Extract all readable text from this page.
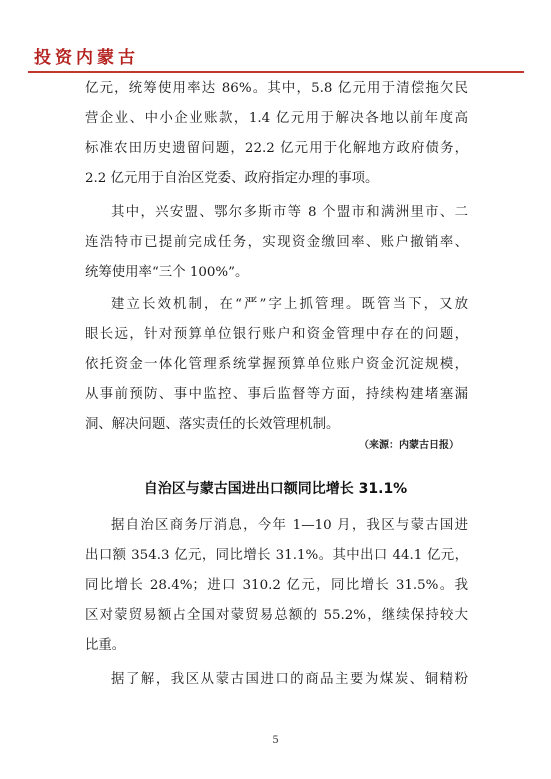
投资内蒙古
亿元，统筹使用率达 86%。其中，5.8 亿元用于清偿拖欠民
营企业、中小企业账款，1.4 亿元用于解决各地以前年度高
标准农田历史遗留问题，22.2 亿元用于化解地方政府债务，
2.2 亿元用于自治区党委、政府指定办理的事项。
其中，兴安盟、鄂尔多斯市等 8 个盟市和满洲里市、二
连浩特市已提前完成任务，实现资金缴回率、账户撤销率、
统筹使用率“三个 100%”。
建立长效机制，在“严”字上抓管理。既管当下，又放
眼长远，针对预算单位银行账户和资金管理中存在的问题，
依托资金一体化管理系统掌握预算单位账户资金沉淀规模，
从事前预防、事中监控、事后监督等方面，持续构建堵塞漏
洞、解决问题、落实责任的长效管理机制。
（来源：内蒙古日报）
自治区与蒙古国进出口额同比增长 31.1%
据自治区商务厅消息，今年 1—10 月，我区与蒙古国进
出口额 354.3 亿元，同比增长 31.1%。其中出口 44.1 亿元，
同比增长 28.4%；进口 310.2 亿元，同比增长 31.5%。我
区对蒙贸易额占全国对蒙贸易总额的 55.2%，继续保持较大
比重。
据了解，我区从蒙古国进口的商品主要为煤炭、铜精粉
5
